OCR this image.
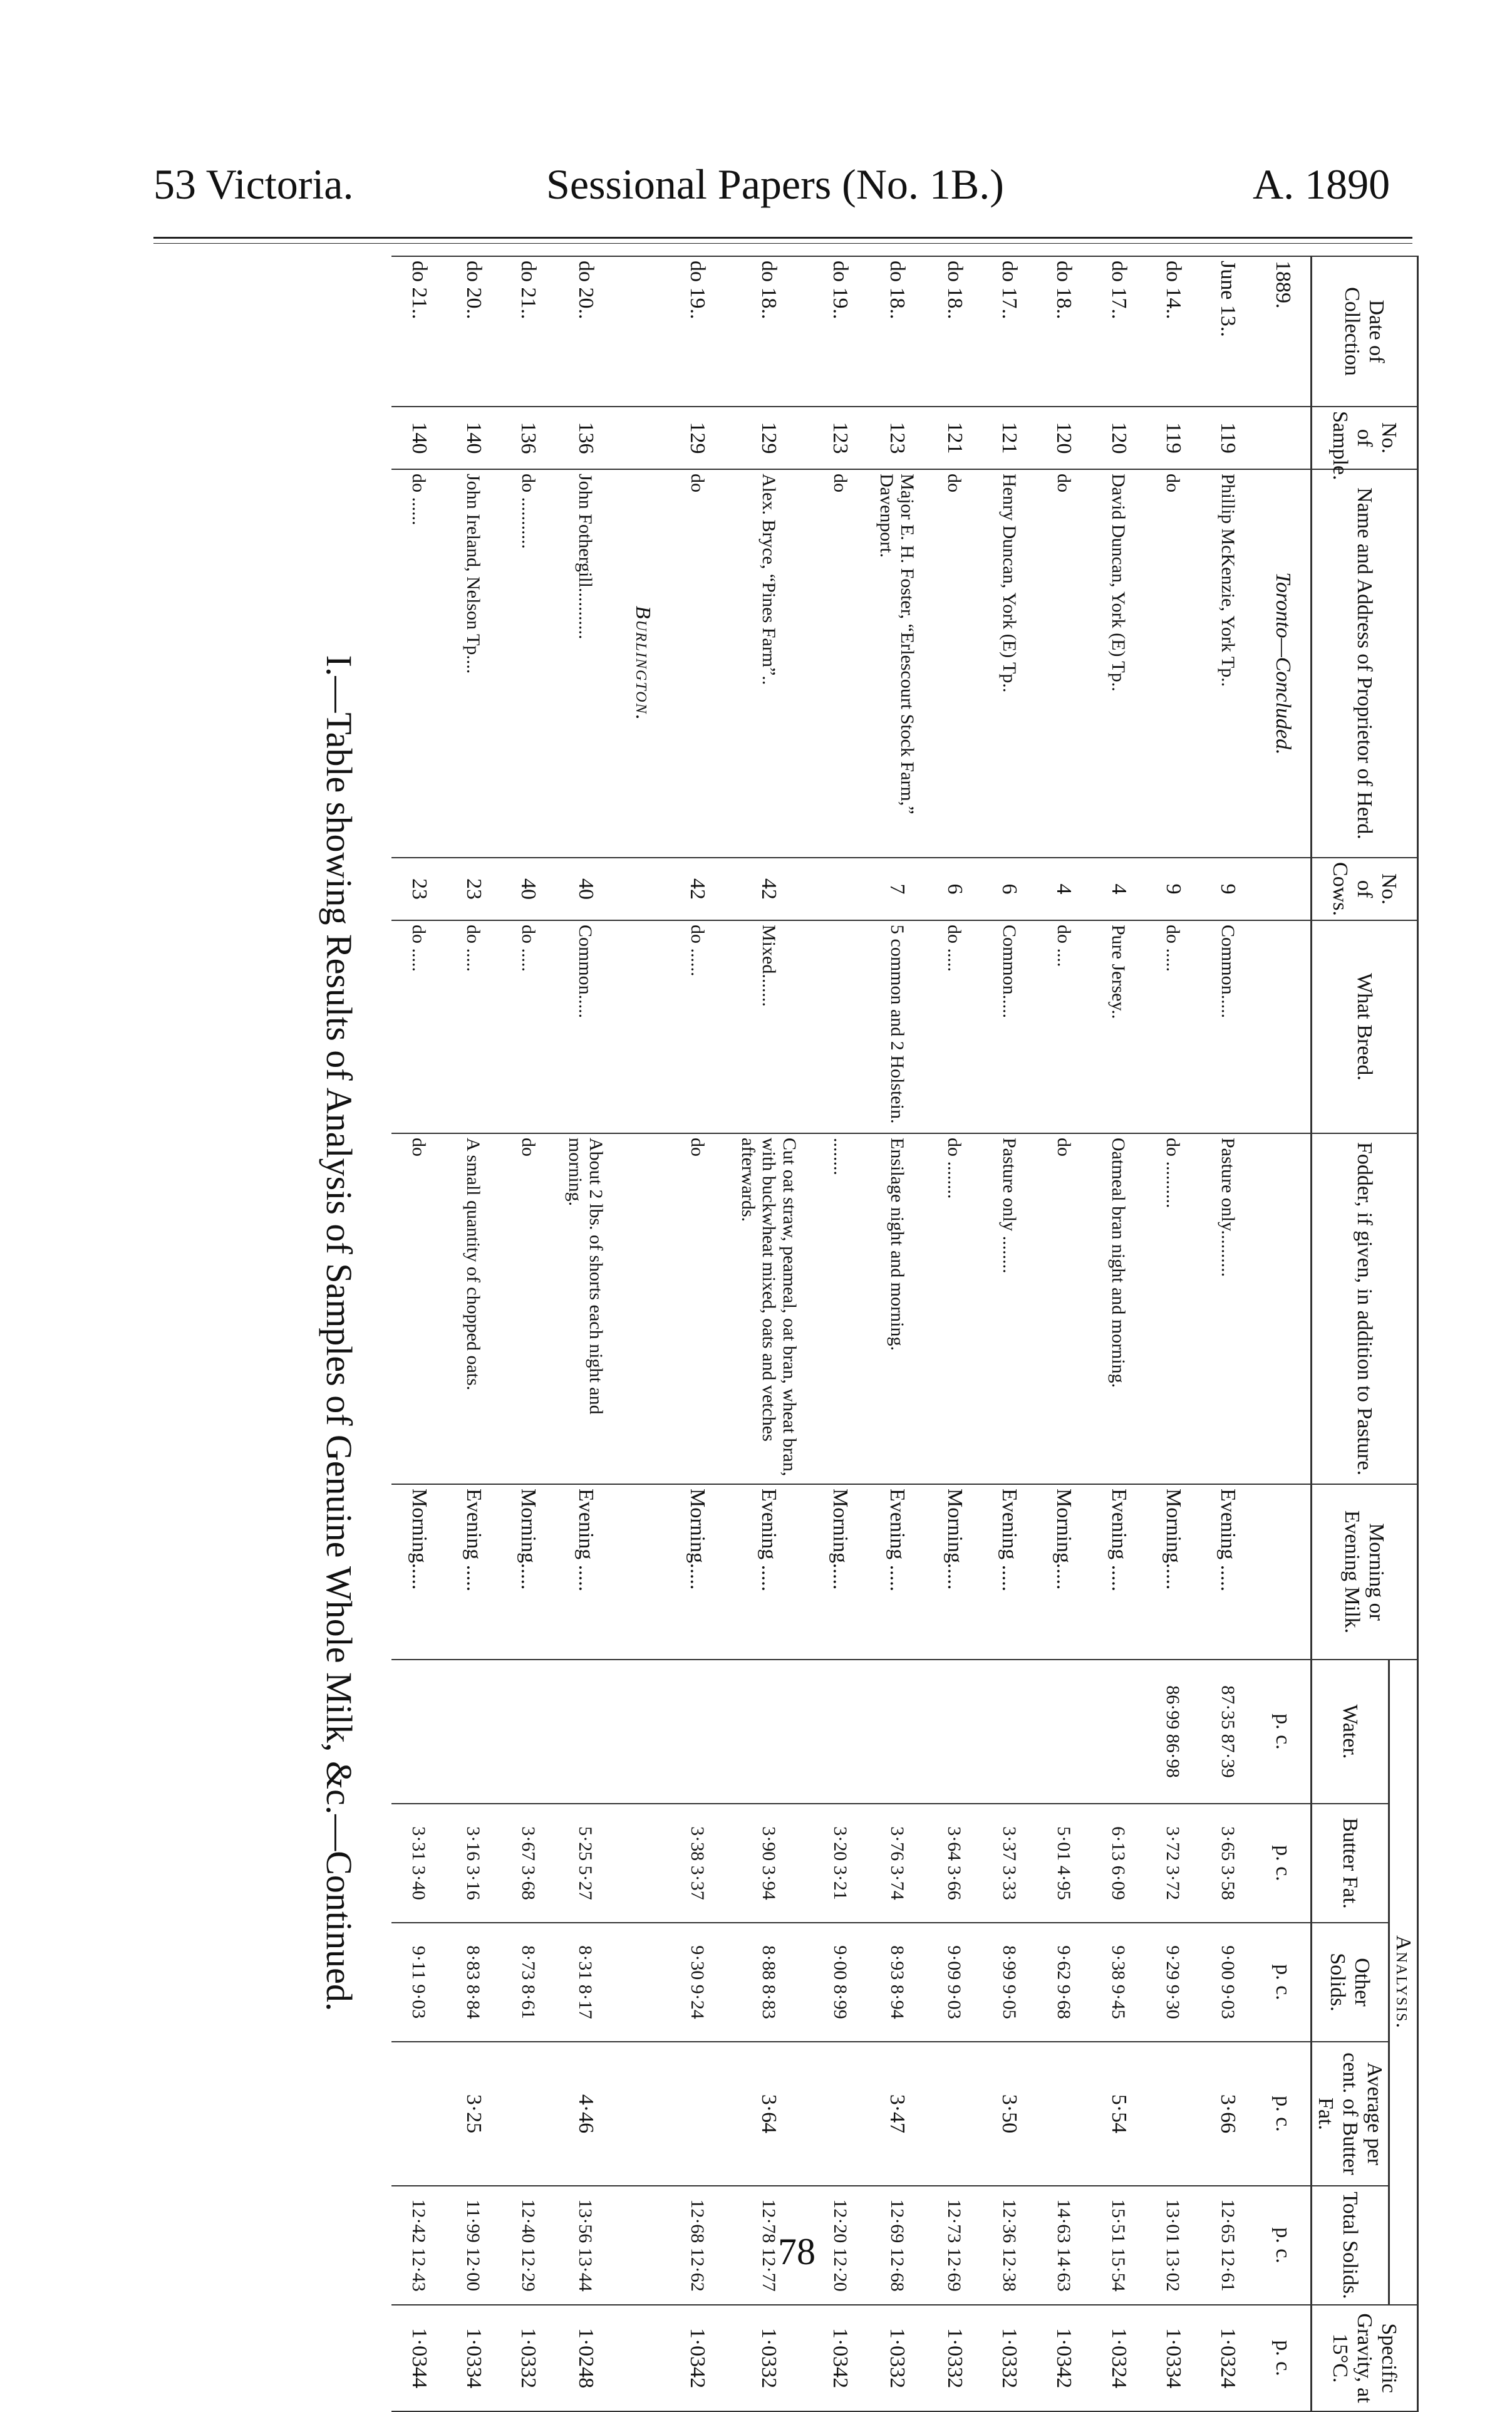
53 Victoria.	Sessional Papers (No. 1B.)	A. 1890
Date of Collection	No. of Sample.	Name and Address of Proprietor of Herd.	No. of Cows.	What Breed.	Fodder, if given, in addition to Pasture.	Morning or Evening Milk.	Analysis.					Specific Gravity, at 15°C.
							Water.	Butter Fat.	Other Solids.	Average per cent. of Butter Fat.	Total Solids.	
1889.		Toronto—Concluded.					p. c.	p. c.	p. c.	p. c.	p. c.	p. c.
June 13..	119	Phillip McKenzie, York Tp..	9	Common.....	Pasture only..........	Evening .....	87·35 87·39	3·65 3·58	9·00 9·03	3·66	12·65 12·61	1·0324
do 14..	119	do	9	do .....	do ..........	Morning.....	86·99 86·98	3·72 3·72	9·29 9·30		13·01 13·02	1·0334
do 17..	120	David Duncan, York (E) Tp..	4	Pure Jersey..	Oatmeal bran night and morning.	Evening .....		6·13 6·09	9·38 9·45	5·54	15·51 15·54	1·0324
do 18..	120	do	4	do ....	do	Morning.....		5·01 4·95	9·62 9·68		14·63 14·63	1·0342
do 17..	121	Henry Duncan, York (E) Tp..	6	Common.....	Pasture only ........	Evening .....		3·37 3·33	8·99 9·05	3·50	12·36 12·38	1·0332
do 18..	121	do	6	do .....	do ........	Morning.....		3·64 3·66	9·09 9·03		12·73 12·69	1·0332
do 18..	123	Major E. H. Foster, “Erlescourt Stock Farm,” Davenport.	7	5 common and 2 Holstein.	Ensilage night and morning.	Evening .....		3·76 3·74	8·93 8·94	3·47	12·69 12·68	1·0332
do 19..	123	do			........	Morning.....		3·20 3·21	9·00 8·99		12·20 12·20	1·0342
do 18..	129	Alex. Bryce, “Pines Farm”..	42	Mixed.......	Cut oat straw, peameal, oat bran, wheat bran, with buckwheat mixed, oats and vetches afterwards.	Evening .....		3·90 3·94	8·88 8·83	3·64	12·78 12·77	1·0332
do 19..	129	do	42	do ......	do	Morning.....		3·38 3·37	9·30 9·24		12·68 12·62	1·0342
		Burlington.										
do 20..	136	John Fothergill...........	40	Common.....	About 2 lbs. of shorts each night and morning.	Evening .....		5·25 5·27	8·31 8·17	4·46	13·56 13·44	1·0248
do 21..	136	do ...........	40	do .....	do	Morning.....		3·67 3·68	8·73 8·61		12·40 12·29	1·0332
do 20..	140	John Ireland, Nelson Tp....	23	do .....	A small quantity of chopped oats.	Evening .....		3·16 3·16	8·83 8·84	3·25	11·99 12·00	1·0334
do 21..	140	do ......	23	do .....	do	Morning.....		3·31 3·40	9·11 9·03		12·42 12·43	1·0344
I.—Table showing Results of Analysis of Samples of Genuine Whole Milk, &c.—Continued.
78
